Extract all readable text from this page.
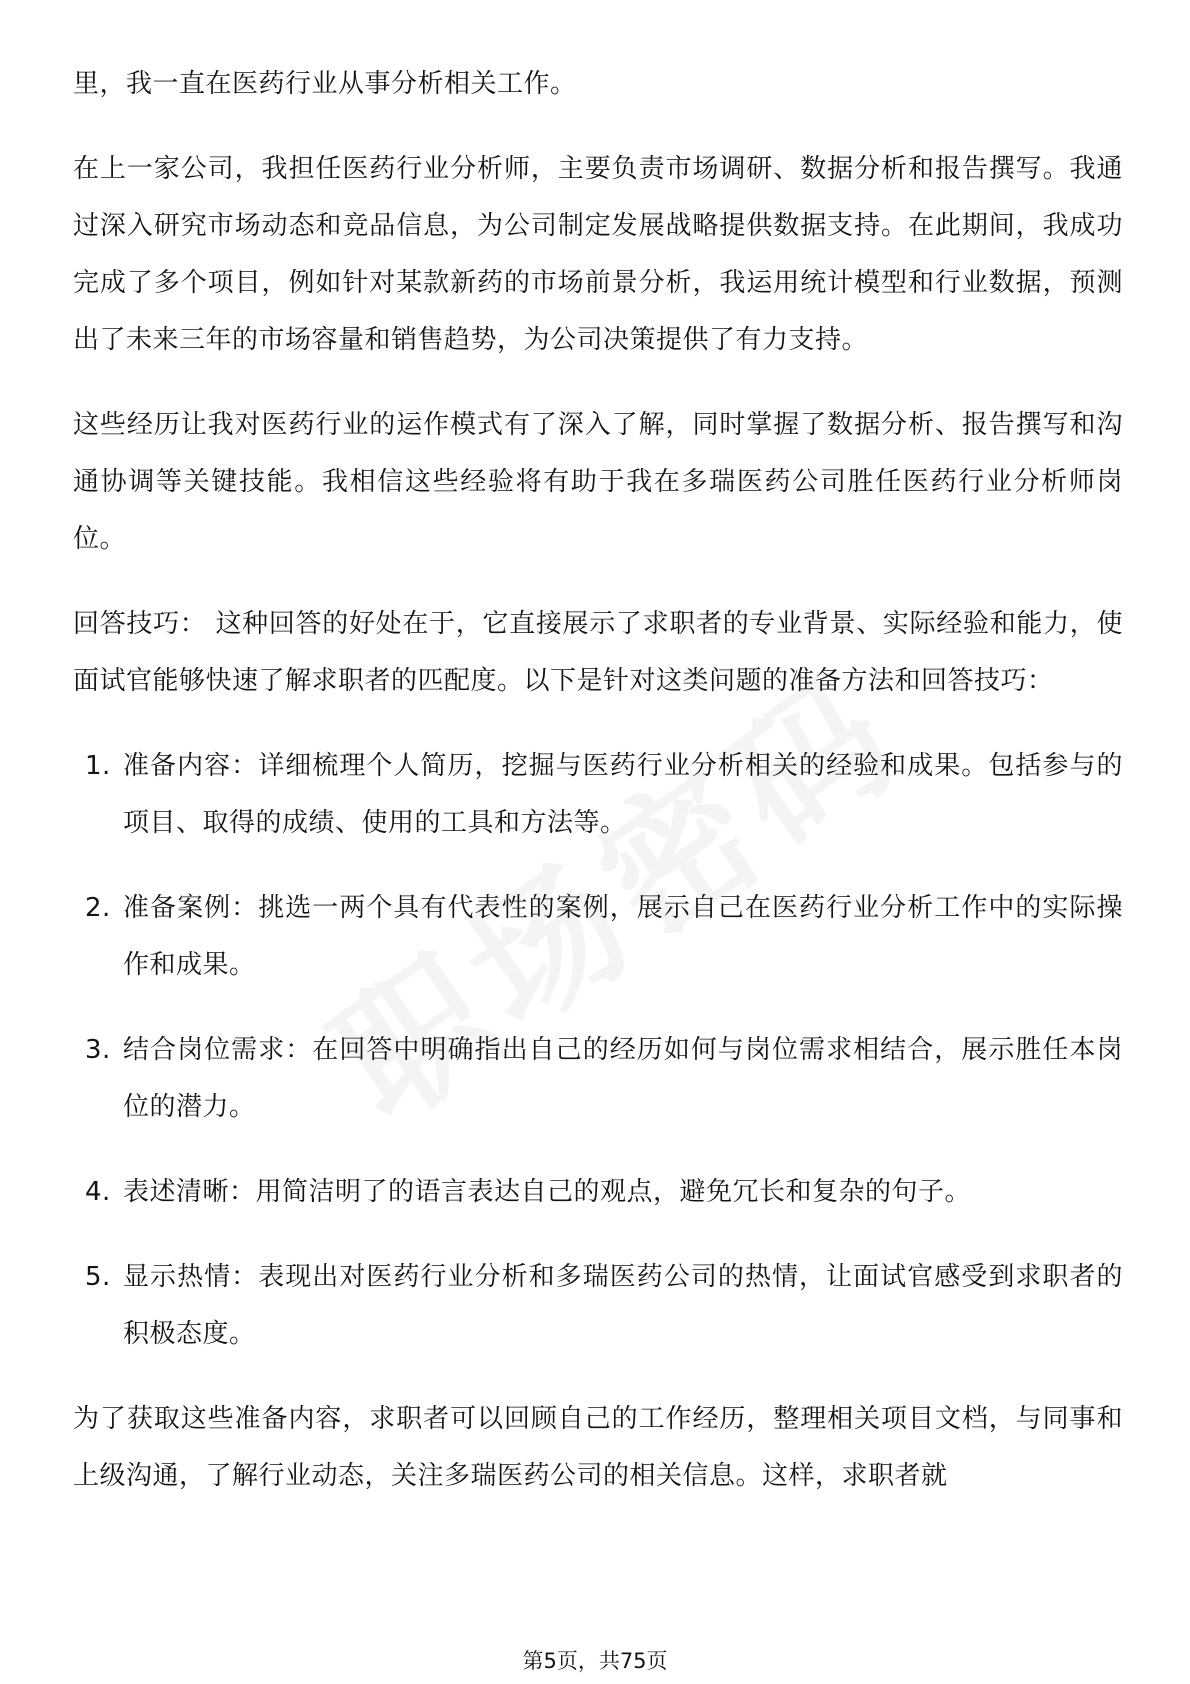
里，我一直在医药行业从事分析相关工作。

在上一家公司，我担任医药行业分析师，主要负责市场调研、数据分析和报告撰写。我通过深入研究市场动态和竞品信息，为公司制定发展战略提供数据支持。在此期间，我成功完成了多个项目，例如针对某款新药的市场前景分析，我运用统计模型和行业数据，预测出了未来三年的市场容量和销售趋势，为公司决策提供了有力支持。

这些经历让我对医药行业的运作模式有了深入了解，同时掌握了数据分析、报告撰写和沟通协调等关键技能。我相信这些经验将有助于我在多瑞医药公司胜任医药行业分析师岗位。

回答技巧： 这种回答的好处在于，它直接展示了求职者的专业背景、实际经验和能力，使面试官能够快速了解求职者的匹配度。以下是针对这类问题的准备方法和回答技巧：

1. 准备内容：详细梳理个人简历，挖掘与医药行业分析相关的经验和成果。包括参与的项目、取得的成绩、使用的工具和方法等。
2. 准备案例：挑选一两个具有代表性的案例，展示自己在医药行业分析工作中的实际操作和成果。
3. 结合岗位需求：在回答中明确指出自己的经历如何与岗位需求相结合，展示胜任本岗位的潜力。
4. 表述清晰：用简洁明了的语言表达自己的观点，避免冗长和复杂的句子。
5. 显示热情：表现出对医药行业分析和多瑞医药公司的热情，让面试官感受到求职者的积极态度。

为了获取这些准备内容，求职者可以回顾自己的工作经历，整理相关项目文档，与同事和上级沟通，了解行业动态，关注多瑞医药公司的相关信息。这样，求职者就

第5页，共75页
